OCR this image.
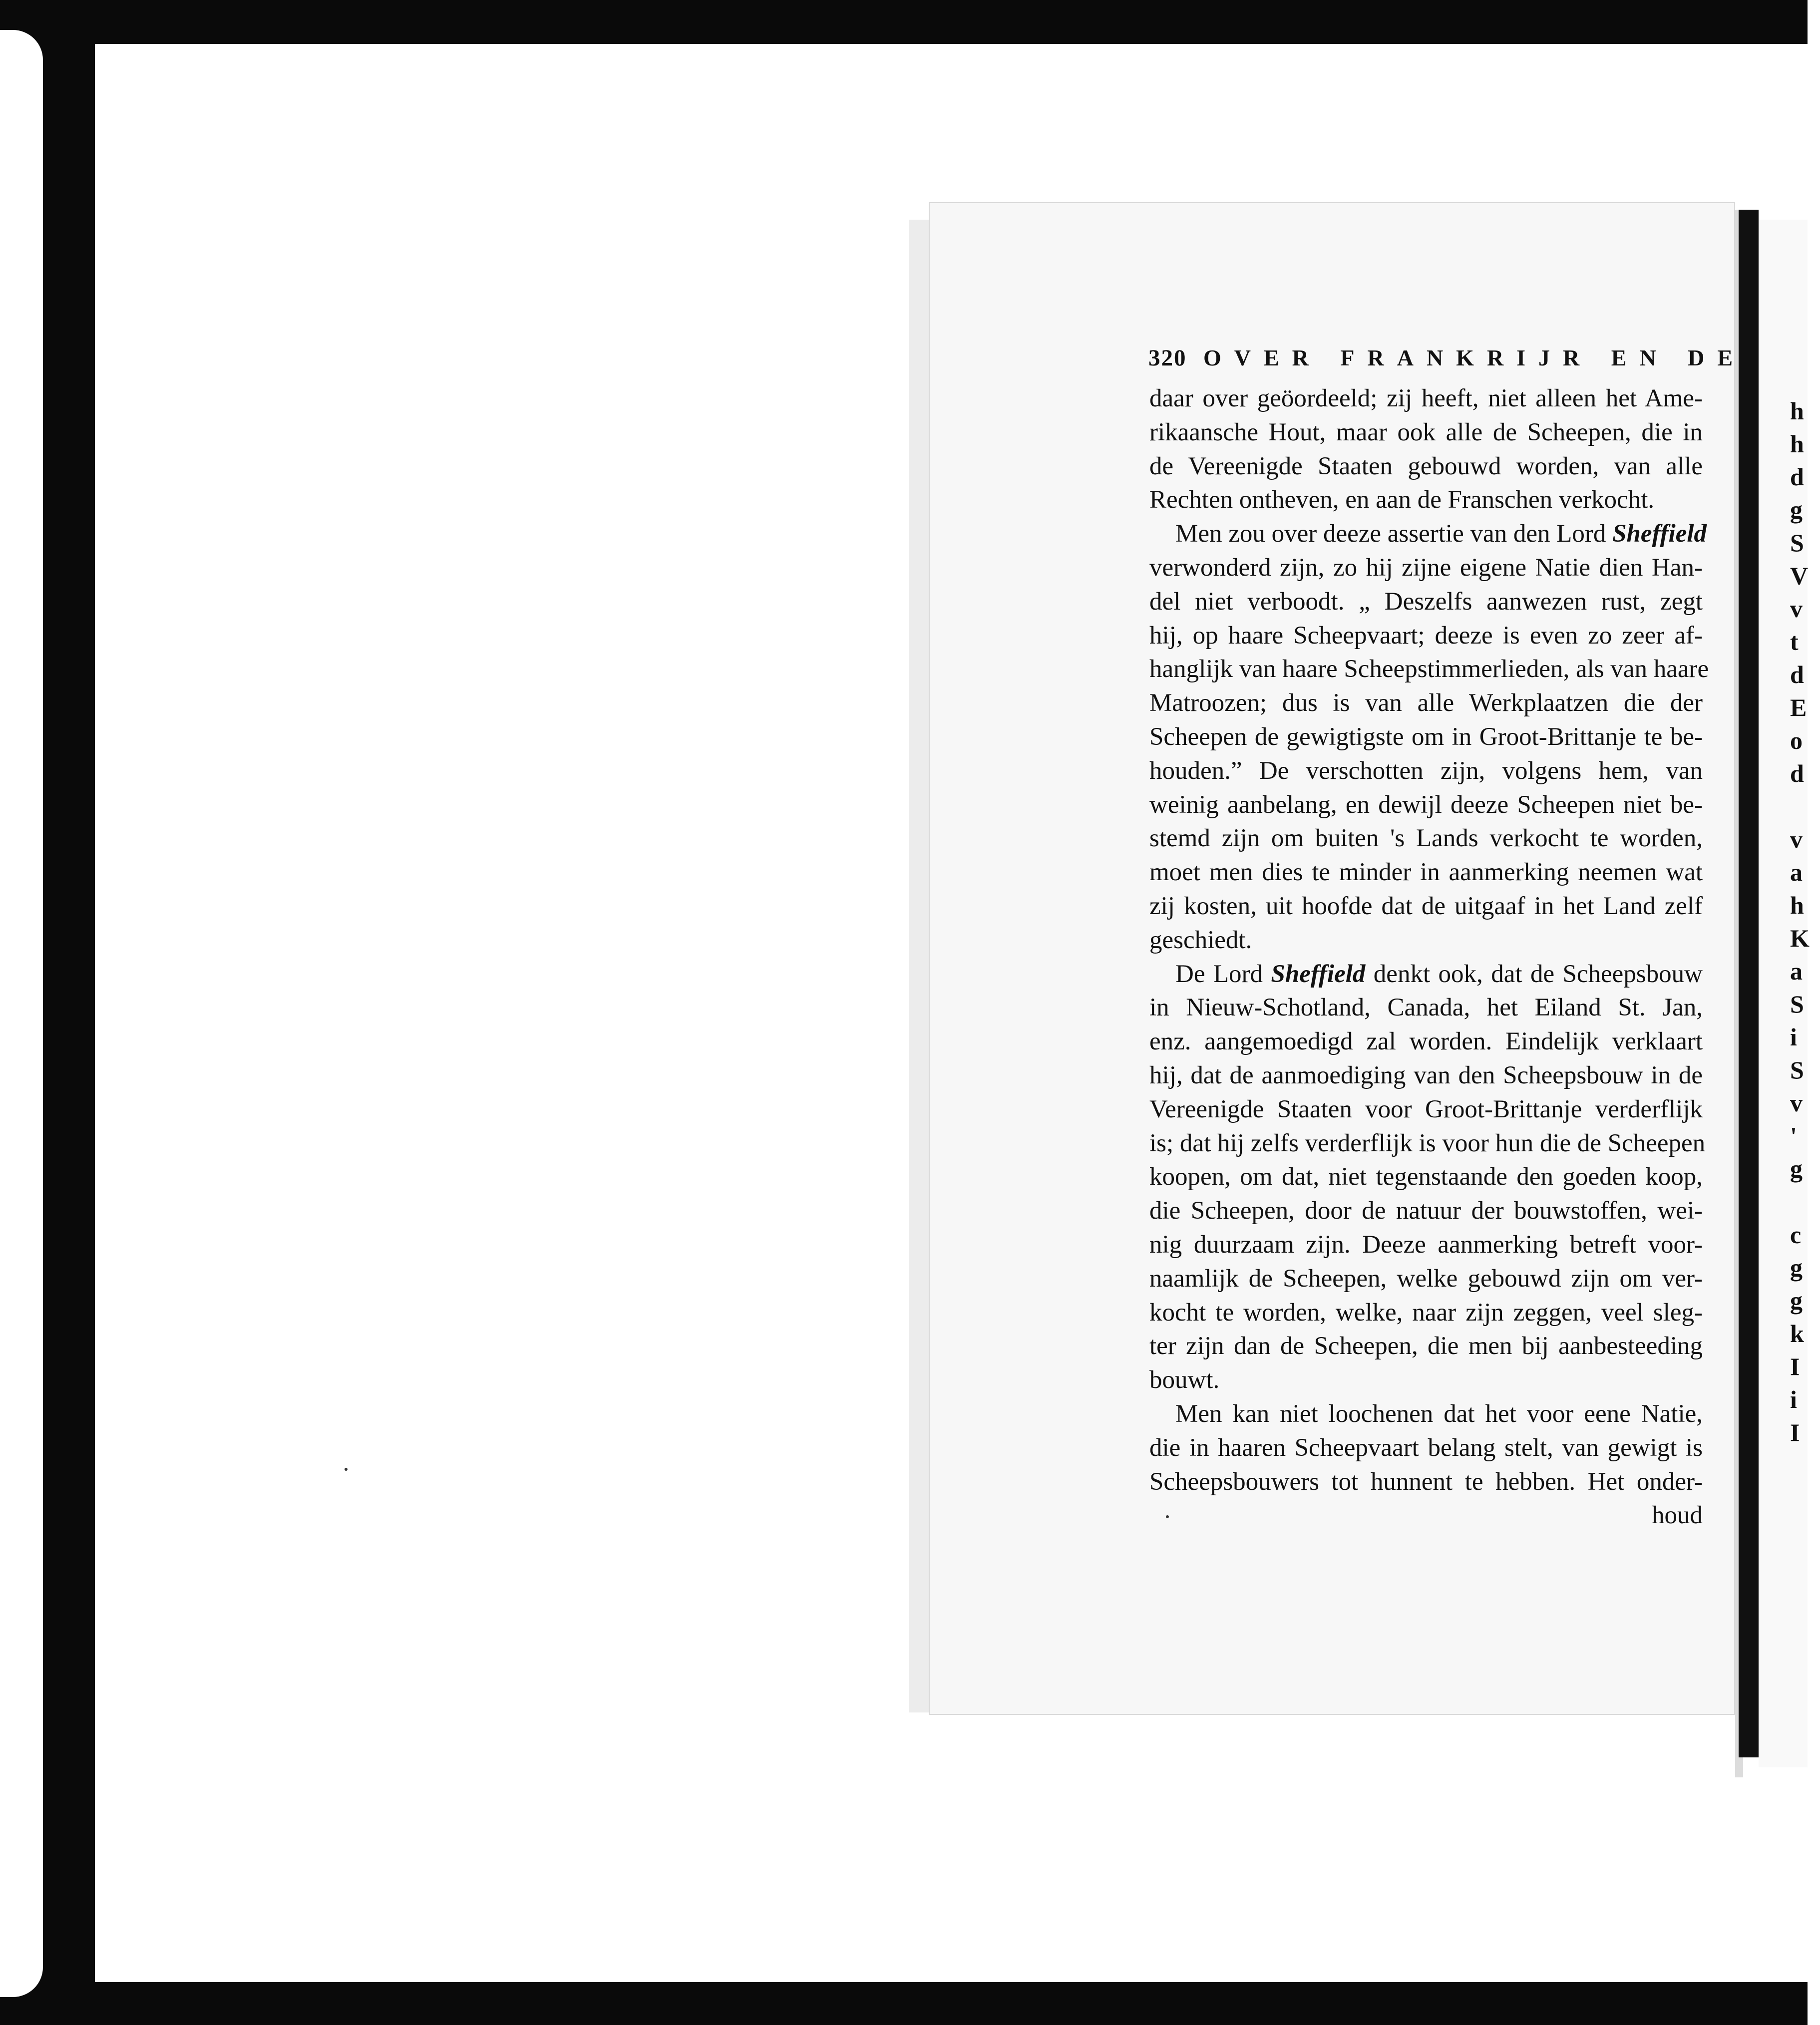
h
h
d
g
S
V
v
t
d
E
o
d
v
a
h
K
a
S
i
S
v
'
g
c
g
g
k
I
i
I
320 OVER FRANKRIJR EN DE

daar over geöordeeld; zij heeft, niet alleen het Ame-
rikaansche Hout, maar ook alle de Scheepen, die in
de Vereenigde Staaten gebouwd worden, van alle
Rechten ontheven, en aan de Franschen verkocht.

Men zou over deeze assertie van den Lord Sheffield
verwonderd zijn, zo hij zijne eigene Natie dien Han-
del niet verboodt. „ Deszelfs aanwezen rust, zegt
hij, op haare Scheepvaart; deeze is even zo zeer af-
hanglijk van haare Scheepstimmerlieden, als van haare
Matroozen; dus is van alle Werkplaatzen die der
Scheepen de gewigtigste om in Groot-Brittanje te be-
houden.” De verschotten zijn, volgens hem, van
weinig aanbelang, en dewijl deeze Scheepen niet be-
stemd zijn om buiten 's Lands verkocht te worden,
moet men dies te minder in aanmerking neemen wat
zij kosten, uit hoofde dat de uitgaaf in het Land zelf
geschiedt.

De Lord Sheffield denkt ook, dat de Scheepsbouw
in Nieuw-Schotland, Canada, het Eiland St. Jan,
enz. aangemoedigd zal worden. Eindelijk verklaart
hij, dat de aanmoediging van den Scheepsbouw in de
Vereenigde Staaten voor Groot-Brittanje verderflijk
is; dat hij zelfs verderflijk is voor hun die de Scheepen
koopen, om dat, niet tegenstaande den goeden koop,
die Scheepen, door de natuur der bouwstoffen, wei-
nig duurzaam zijn. Deeze aanmerking betreft voor-
naamlijk de Scheepen, welke gebouwd zijn om ver-
kocht te worden, welke, naar zijn zeggen, veel sleg-
ter zijn dan de Scheepen, die men bij aanbesteeding
bouwt.

Men kan niet loochenen dat het voor eene Natie,
die in haaren Scheepvaart belang stelt, van gewigt is
Scheepsbouwers tot hunnent te hebben. Het onder-

houd
